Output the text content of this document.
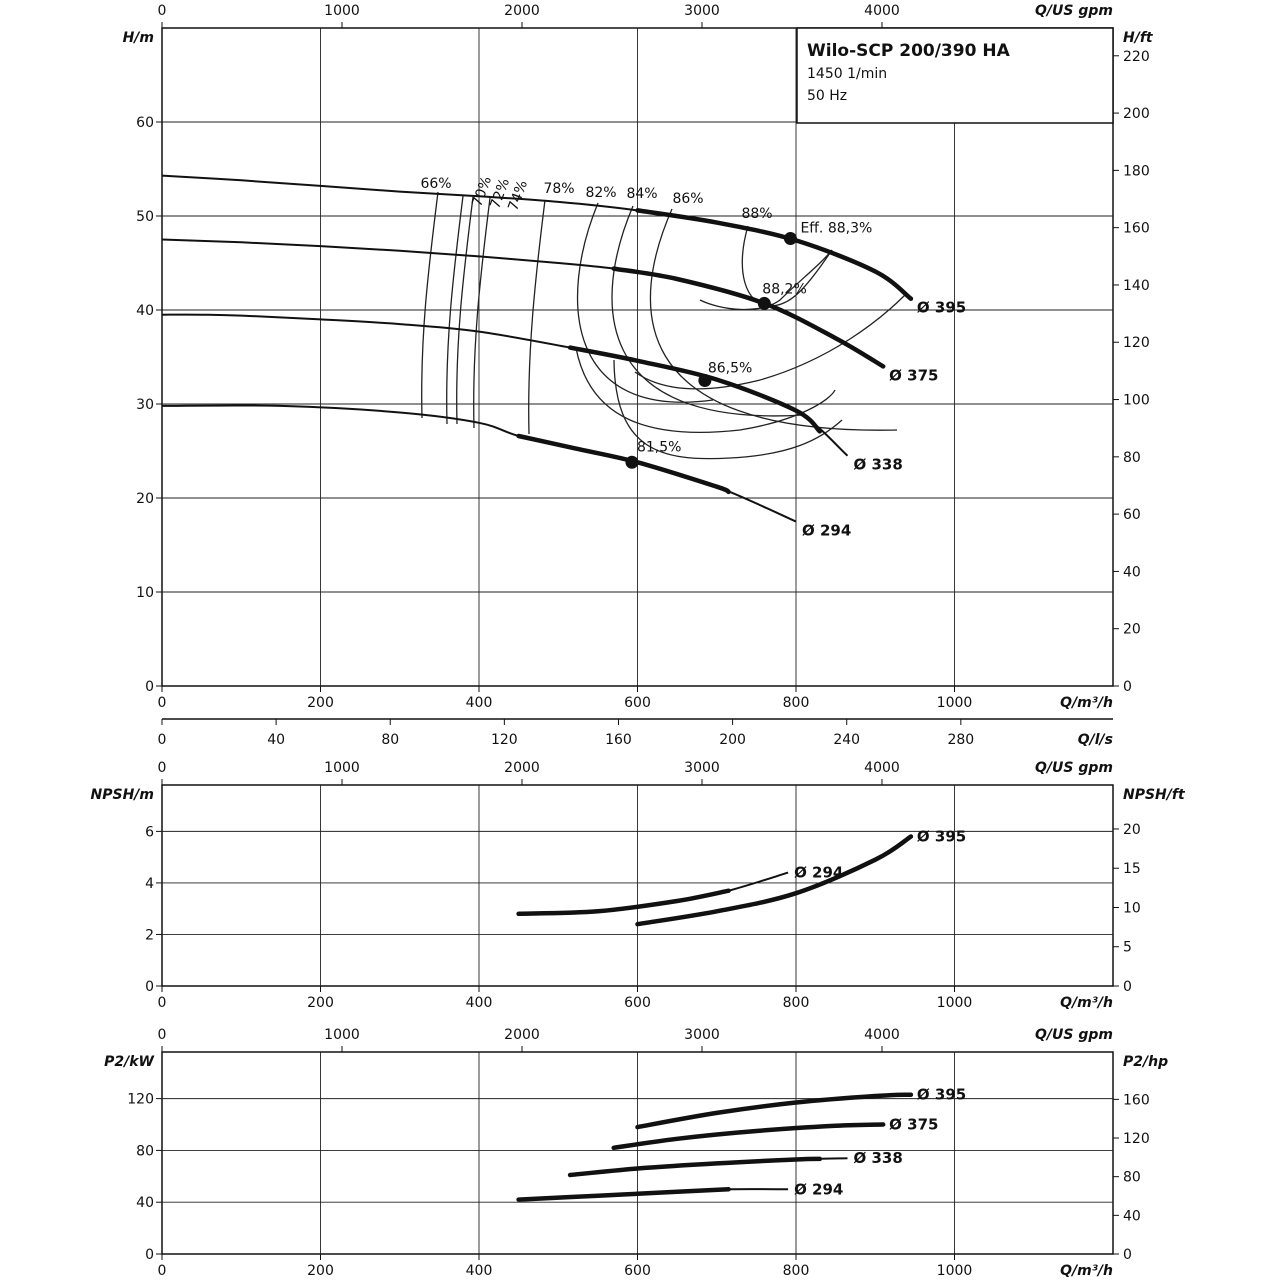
0	200	400	600	800	1000
0
10
20
30
40
50
60
0
20
40
60
80
100
120
140
160
180
200
220
0	1000	2000	3000	4000	Q/US gpm
Q/m³/h
H/m	H/ft
0	40	80	120	160	200	240	280	Q/l/s
Ø 395
Ø 375
Ø 338
Ø 294
Eff. 88,3%
88,2%
86,5%
81,5%
0	200	400	600	800	1000
0
2
4
6
0
5
10
15
20
0	1000	2000	3000	4000	Q/US gpm
Q/m³/h
NPSH/m	NPSH/ft
Ø 395
Ø 294
0	200	400	600	800	1000
0
40
80
120
0
40
80
120
160
0	1000	2000	3000	4000	Q/US gpm
Q/m³/h
P2/kW	P2/hp
Ø 395
Ø 375
Ø 338
Ø 294
Wilo-SCP 200/390 HA
1450 1/min
50 Hz
66% 70%
72%
74% 78% 82% 84% 86%
88%
